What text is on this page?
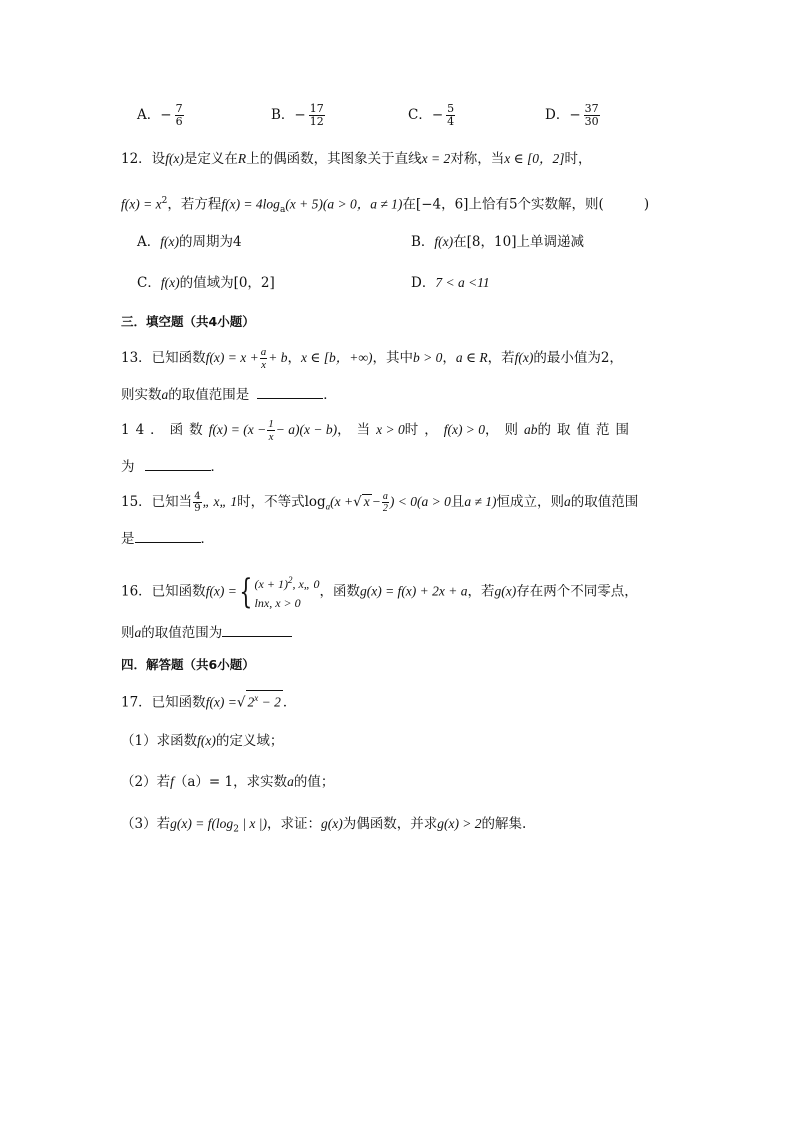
A．− $\frac{7}{6}$	B．− $\frac{17}{12}$	C．− $\frac{5}{4}$	D．− $\frac{37}{30}$
12．设f(x)是定义在R上的偶函数，其图象关于直线x = 2对称，当x ∈ [0，2]时，
$f(x) = x^2$，若方程$f(x) = 4\log_a(x + 5)(a > 0$，a ≠ 1)在[−4，6]上恰有5个实数解，则(	)
A．f(x)的周期为4	B．f(x)在[8，10]上单调递减
C．f(x)的值域为[0，2]	D．7 < a <11
三．填空题（共4小题）
13．已知函数$f(x) = x + \frac{a}{x} + b$，x ∈ [b，+∞)，其中b > 0，a ∈ R，若f(x)的最小值为2，
则实数a的取值范围是	．
14．函数$f(x) = (x - \frac{1}{x} - a)(x - b)$，当x > 0时，f(x) > 0，则ab的取值范围
为	．
15．已知当 $\frac{4}{9}$ „ x„ 1时，不等式$\log_a(x$ +√ $x - \frac{a}{2}$ ) < 0(a > 0且a ≠ 1)恒成立，则a的取值范围
是	．
16．已知函数f(x) ={ $(x + 1)^2$, x„ 0
lnx, x > 0
，函数g(x) = f(x) + 2x + a，若g(x)存在两个不同零点，
则a的取值范围为
四．解答题（共6小题）
17．已知函数f(x) =√ $2^x - 2$ ．
（1）求函数f(x)的定义域；
（2）若f（a）= 1，求实数a的值；
（3）若$g(x) = f(\log_2$ | x |)，求证：g(x)为偶函数，并求g(x) > 2的解集.
